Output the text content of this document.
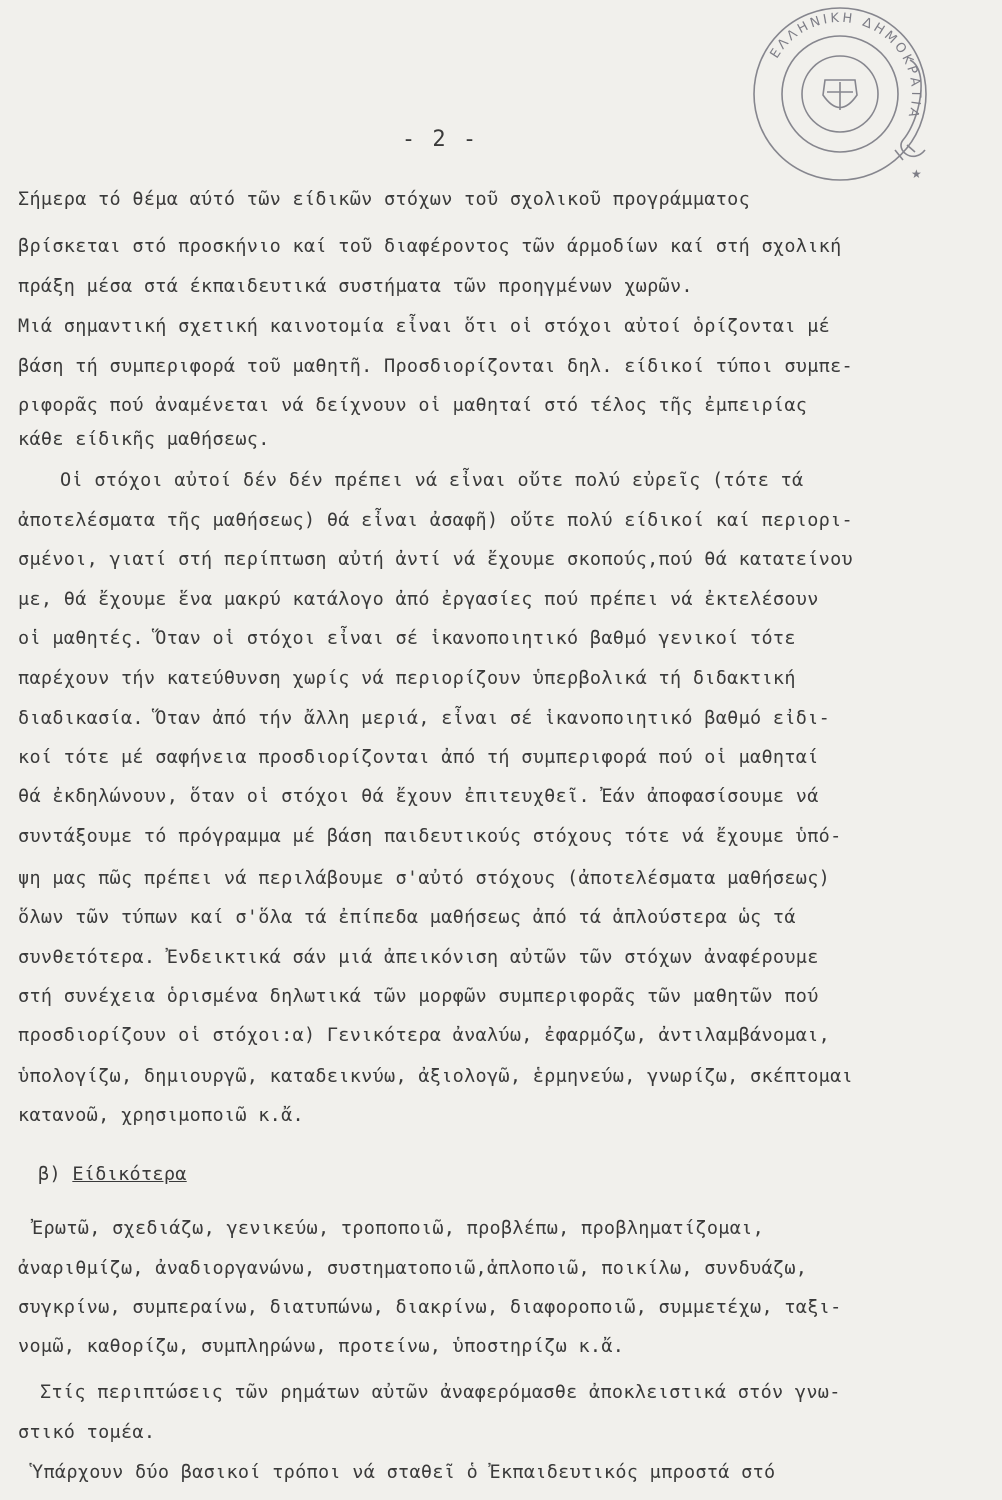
ΕΛΛΗΝΙΚΗ ΔΗΜΟΚΡΑΤΙΑ
★
- 2 -
Σήμερα τό θέμα αύτό τῶν είδικῶν στόχων τοῦ σχολικοῦ προγράμματος
βρίσκεται στό προσκήνιο καί τοῦ διαφέροντος τῶν άρμοδίων καί στή σχολική
πράξη μέσα στά έκπαιδευτικά συστήματα τῶν προηγμένων χωρῶν.
Μιά σημαντική σχετική καινοτομία εἶναι ὅτι οἱ στόχοι αὐτοί ὁρίζονται μέ
βάση τή συμπεριφορά τοῦ μαθητῆ. Προσδιορίζονται δηλ. είδικοί τύποι συμπε-
ριφορᾶς πού ἀναμένεται νά δείχνουν οἱ μαθηταί στό τέλος τῆς ἐμπειρίας
κάθε είδικῆς μαθήσεως.
Οἱ στόχοι αὐτοί δέν δέν πρέπει νά εἶναι οὔτε πολύ εὐρεῖς (τότε τά
ἀποτελέσματα τῆς μαθήσεως) θά εἶναι ἀσαφῆ) οὔτε πολύ είδικοί καί περιορι-
σμένοι, γιατί στή περίπτωση αὐτή ἀντί νά ἔχουμε σκοπούς,πού θά κατατείνου
με, θά ἔχουμε ἕνα μακρύ κατάλογο ἀπό ἐργασίες πού πρέπει νά ἐκτελέσουν
οἱ μαθητές. Ὅταν οἱ στόχοι εἶναι σέ ἱκανοποιητικό βαθμό γενικοί τότε
παρέχουν τήν κατεύθυνση χωρίς νά περιορίζουν ὑπερβολικά τή διδακτική
διαδικασία. Ὅταν ἀπό τήν ἄλλη μεριά, εἶναι σέ ἱκανοποιητικό βαθμό εἰδι-
κοί τότε μέ σαφήνεια προσδιορίζονται ἀπό τή συμπεριφορά πού οἱ μαθηταί
θά ἐκδηλώνουν, ὅταν οἱ στόχοι θά ἔχουν ἐπιτευχθεῖ. Ἐάν ἀποφασίσουμε νά
συντάξουμε τό πρόγραμμα μέ βάση παιδευτικούς στόχους τότε νά ἔχουμε ὑπό-
ψη μας πῶς πρέπει νά περιλάβουμε σ'αὐτό στόχους (ἀποτελέσματα μαθήσεως)
ὅλων τῶν τύπων καί σ'ὅλα τά ἐπίπεδα μαθήσεως ἀπό τά ἁπλούστερα ὡς τά
συνθετότερα. Ἐνδεικτικά σάν μιά ἀπεικόνιση αὐτῶν τῶν στόχων ἀναφέρουμε
στή συνέχεια ὁρισμένα δηλωτικά τῶν μορφῶν συμπεριφορᾶς τῶν μαθητῶν πού
προσδιορίζουν οἱ στόχοι:α) Γενικότερα ἀναλύω, ἐφαρμόζω, ἀντιλαμβάνομαι,
ὑπολογίζω, δημιουργῶ, καταδεικνύω, ἀξιολογῶ, ἑρμηνεύω, γνωρίζω, σκέπτομαι
κατανοῶ, χρησιμοποιῶ κ.ἄ.
β) Είδικότερα
Ἐρωτῶ, σχεδιάζω, γενικεύω, τροποποιῶ, προβλέπω, προβληματίζομαι,
ἀναριθμίζω, ἀναδιοργανώνω, συστηματοποιῶ,ἁπλοποιῶ, ποικίλω, συνδυάζω,
συγκρίνω, συμπεραίνω, διατυπώνω, διακρίνω, διαφοροποιῶ, συμμετέχω, ταξι-
νομῶ, καθορίζω, συμπληρώνω, προτείνω, ὑποστηρίζω κ.ἄ.
Στίς περιπτώσεις τῶν ρημάτων αὐτῶν ἀναφερόμασθε ἀποκλειστικά στόν γνω-
στικό τομέα.
Ὑπάρχουν δύο βασικοί τρόποι νά σταθεῖ ὁ Ἐκπαιδευτικός μπροστά στό
